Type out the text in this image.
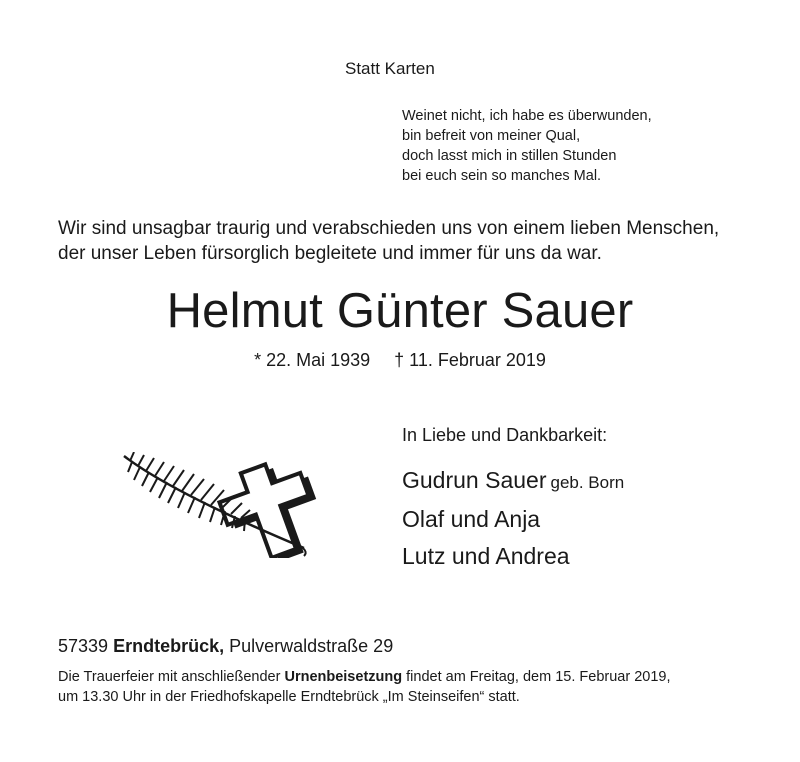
Statt Karten
Weinet nicht, ich habe es überwunden,
bin befreit von meiner Qual,
doch lasst mich in stillen Stunden
bei euch sein so manches Mal.
Wir sind unsagbar traurig und verabschieden uns von einem lieben Menschen,
der unser Leben fürsorglich begleitete und immer für uns da war.
Helmut Günter Sauer
* 22. Mai 1939 † 11. Februar 2019
In Liebe und Dankbarkeit:
Gudrun Sauer geb. Born
Olaf und Anja
Lutz und Andrea
57339 Erndtebrück, Pulverwaldstraße 29
Die Trauerfeier mit anschließender Urnenbeisetzung findet am Freitag, dem 15. Februar 2019,
um 13.30 Uhr in der Friedhofskapelle Erndtebrück „Im Steinseifen“ statt.
